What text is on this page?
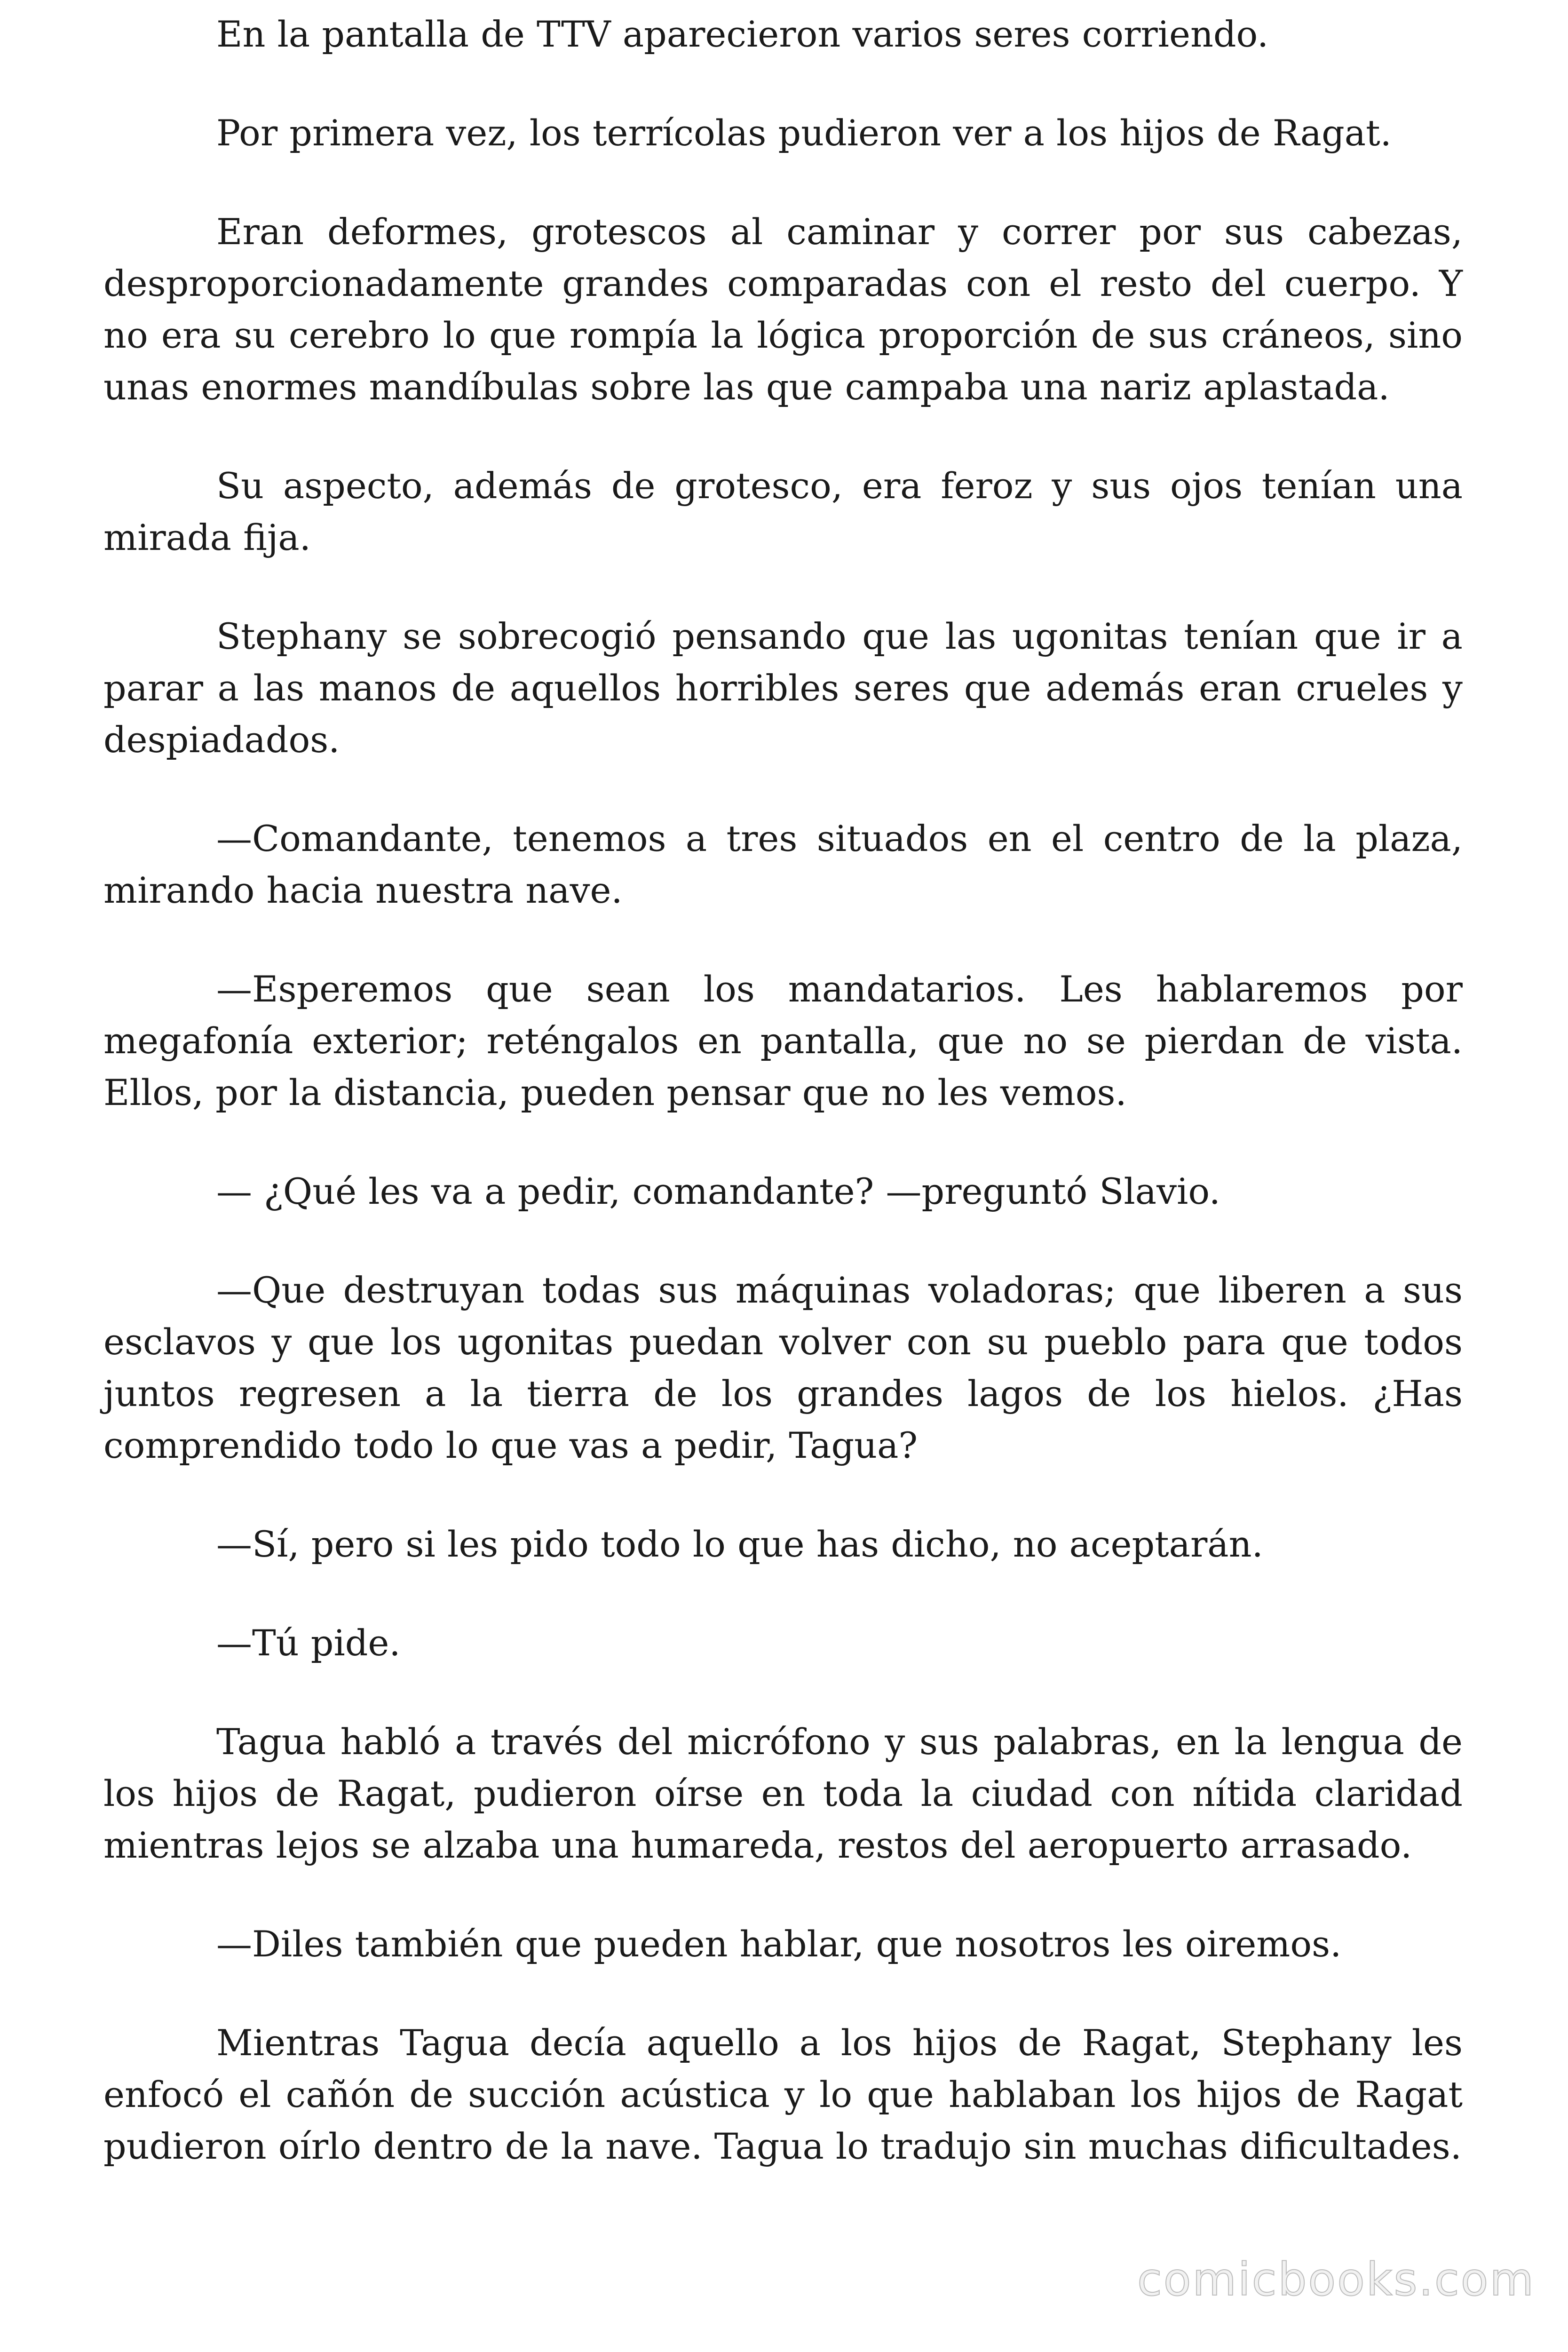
En la pantalla de TTV aparecieron varios seres corriendo.

Por primera vez, los terrícolas pudieron ver a los hijos de Ragat.

Eran deformes, grotescos al caminar y correr por sus cabezas, desproporcionadamente grandes comparadas con el resto del cuerpo. Y no era su cerebro lo que rompía la lógica proporción de sus cráneos, sino unas enormes mandíbulas sobre las que campaba una nariz aplastada.

Su aspecto, además de grotesco, era feroz y sus ojos tenían una mirada fija.

Stephany se sobrecogió pensando que las ugonitas tenían que ir a parar a las manos de aquellos horribles seres que además eran crueles y despiadados.

—Comandante, tenemos a tres situados en el centro de la plaza, mirando hacia nuestra nave.

—Esperemos que sean los mandatarios. Les hablaremos por megafonía exterior; reténgalos en pantalla, que no se pierdan de vista. Ellos, por la distancia, pueden pensar que no les vemos.

— ¿Qué les va a pedir, comandante? —preguntó Slavio.

—Que destruyan todas sus máquinas voladoras; que liberen a sus esclavos y que los ugonitas puedan volver con su pueblo para que todos juntos regresen a la tierra de los grandes lagos de los hielos. ¿Has comprendido todo lo que vas a pedir, Tagua?

—Sí, pero si les pido todo lo que has dicho, no aceptarán.

—Tú pide.

Tagua habló a través del micrófono y sus palabras, en la lengua de los hijos de Ragat, pudieron oírse en toda la ciudad con nítida claridad mientras lejos se alzaba una humareda, restos del aeropuerto arrasado.

—Diles también que pueden hablar, que nosotros les oiremos.

Mientras Tagua decía aquello a los hijos de Ragat, Stephany les enfocó el cañón de succión acústica y lo que hablaban los hijos de Ragat pudieron oírlo dentro de la nave. Tagua lo tradujo sin muchas dificultades.

comicbooks.com
